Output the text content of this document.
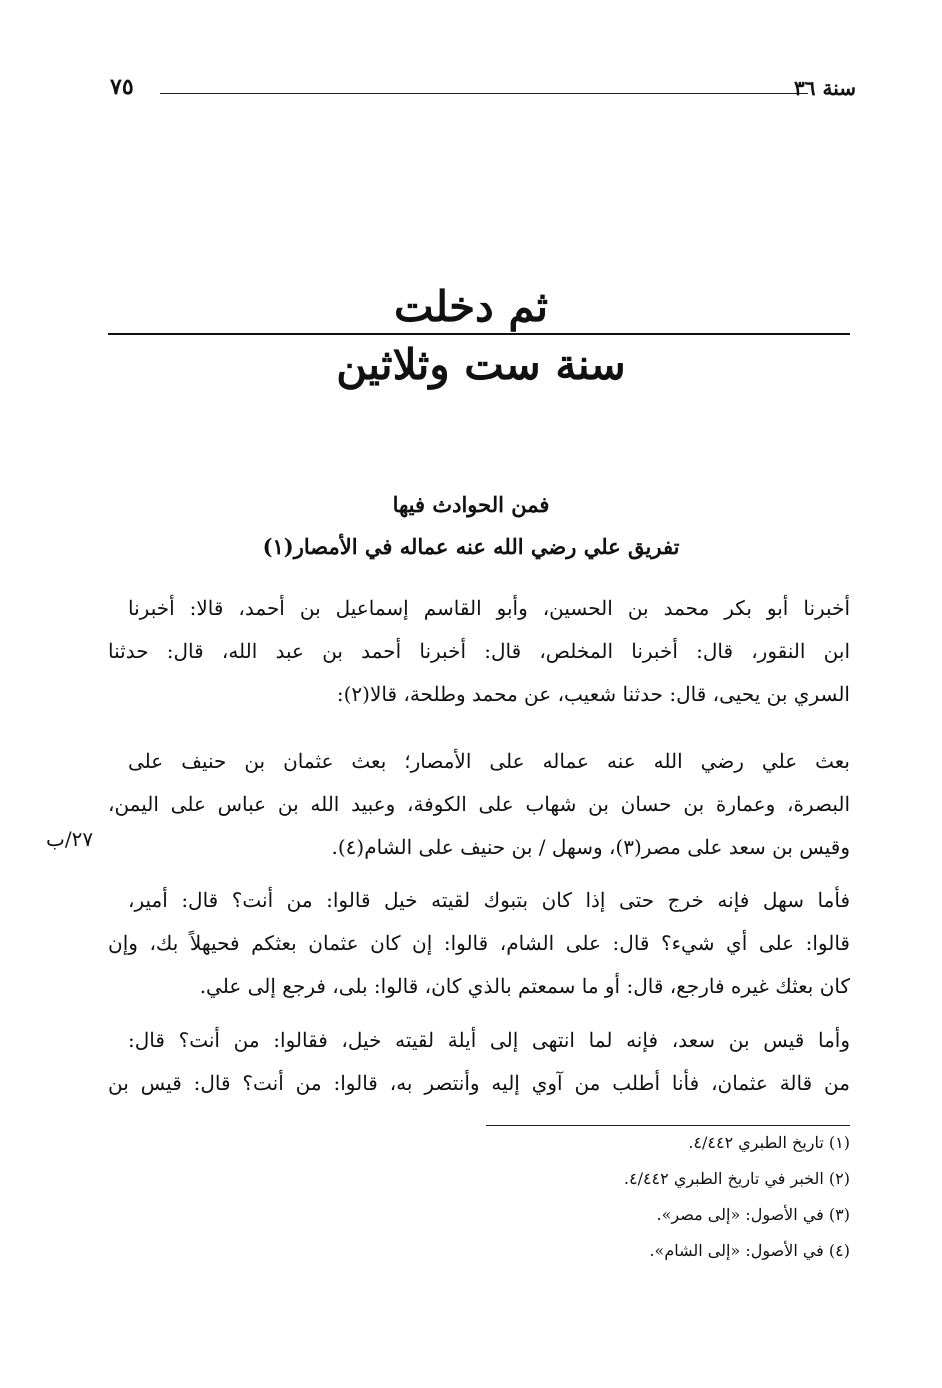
٧٥	سنة ٣٦
ثم دخلت
سنة ست وثلاثين
فمن الحوادث فيها
تفريق علي رضي الله عنه عماله في الأمصار(١)
أخبرنا أبو بكر محمد بن الحسين، وأبو القاسم إسماعيل بن أحمد، قالا: أخبرنا
ابن النقور، قال: أخبرنا المخلص، قال: أخبرنا أحمد بن عبد الله، قال: حدثنا
السري بن يحيى، قال: حدثنا شعيب، عن محمد وطلحة، قالا(٢):
بعث علي رضي الله عنه عماله على الأمصار؛ بعث عثمان بن حنيف على
البصرة، وعمارة بن حسان بن شهاب على الكوفة، وعبيد الله بن عباس على اليمن،
وقيس بن سعد على مصر(٣)، وسهل / بن حنيف على الشام(٤).
٢٧/ب
فأما سهل فإنه خرج حتى إذا كان بتبوك لقيته خيل قالوا: من أنت؟ قال: أمير،
قالوا: على أي شيء؟ قال: على الشام، قالوا: إن كان عثمان بعثكم فحيهلاً بك، وإن
كان بعثك غيره فارجع، قال: أو ما سمعتم بالذي كان، قالوا: بلى، فرجع إلى علي.
وأما قيس بن سعد، فإنه لما انتهى إلى أيلة لقيته خيل، فقالوا: من أنت؟ قال:
من قالة عثمان، فأنا أطلب من آوي إليه وأنتصر به، قالوا: من أنت؟ قال: قيس بن
(١) تاريخ الطبري ٤/٤٤٢.
(٢) الخبر في تاريخ الطبري ٤/٤٤٢.
(٣) في الأصول: «إلى مصر».
(٤) في الأصول: «إلى الشام».
